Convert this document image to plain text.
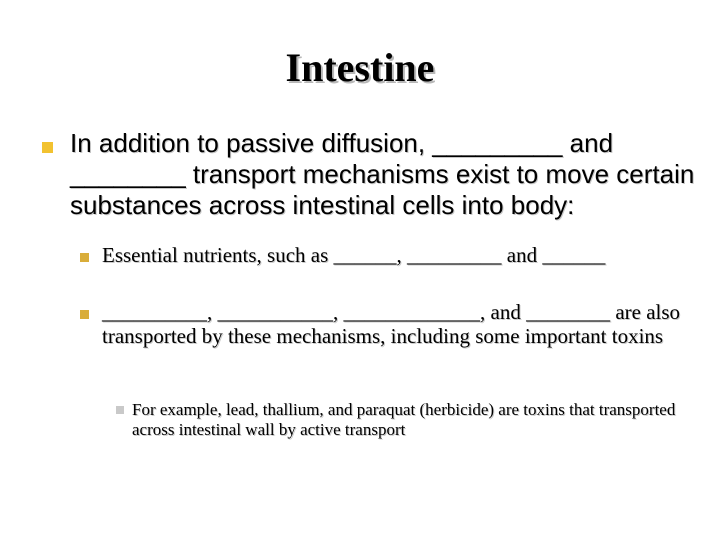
Intestine
In addition to passive diffusion, _________ and ________ transport mechanisms exist to move certain substances across intestinal cells into body:
Essential nutrients, such as ______, _________ and ______
__________, ___________, _____________, and ________ are also transported by these mechanisms, including some important toxins
For example, lead, thallium, and paraquat (herbicide) are toxins that transported across intestinal wall by active transport
